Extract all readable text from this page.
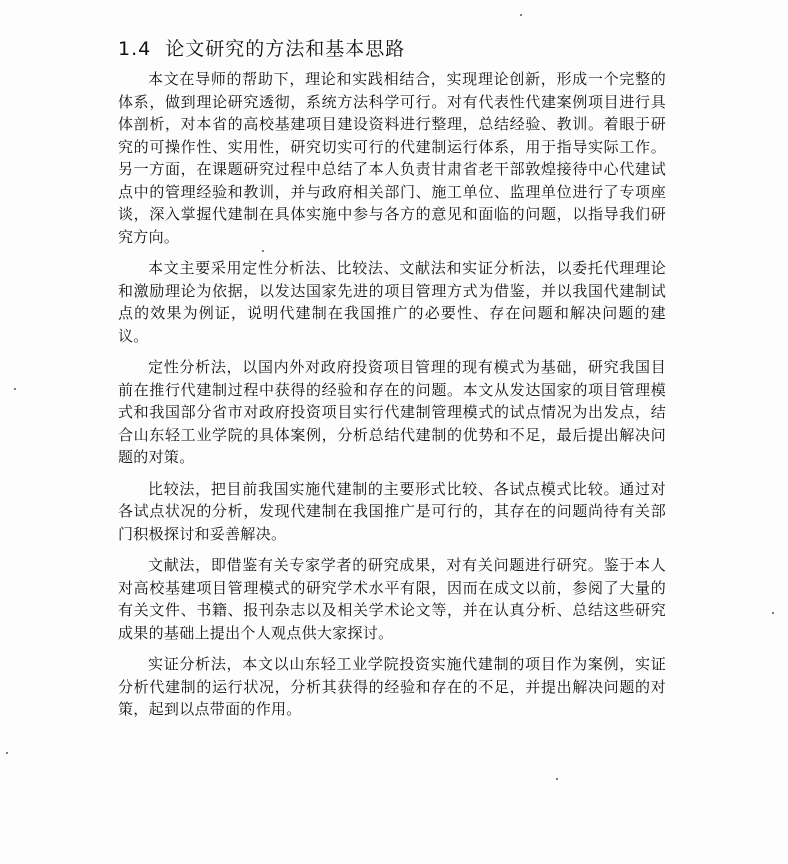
1.4 论文研究的方法和基本思路

本文在导师的帮助下，理论和实践相结合，实现理论创新，形成一个完整的体系，做到理论研究透彻，系统方法科学可行。对有代表性代建案例项目进行具体剖析，对本省的高校基建项目建设资料进行整理，总结经验、教训。着眼于研究的可操作性、实用性，研究切实可行的代建制运行体系，用于指导实际工作。另一方面，在课题研究过程中总结了本人负责甘肃省老干部敦煌接待中心代建试点中的管理经验和教训，并与政府相关部门、施工单位、监理单位进行了专项座谈，深入掌握代建制在具体实施中参与各方的意见和面临的问题，以指导我们研究方向。

本文主要采用定性分析法、比较法、文献法和实证分析法，以委托代理理论和激励理论为依据，以发达国家先进的项目管理方式为借鉴，并以我国代建制试点的效果为例证，说明代建制在我国推广的必要性、存在问题和解决问题的建议。

定性分析法，以国内外对政府投资项目管理的现有模式为基础，研究我国目前在推行代建制过程中获得的经验和存在的问题。本文从发达国家的项目管理模式和我国部分省市对政府投资项目实行代建制管理模式的试点情况为出发点，结合山东轻工业学院的具体案例，分析总结代建制的优势和不足，最后提出解决问题的对策。

比较法，把目前我国实施代建制的主要形式比较、各试点模式比较。通过对各试点状况的分析，发现代建制在我国推广是可行的，其存在的问题尚待有关部门积极探讨和妥善解决。

文献法，即借鉴有关专家学者的研究成果，对有关问题进行研究。鉴于本人对高校基建项目管理模式的研究学术水平有限，因而在成文以前，参阅了大量的有关文件、书籍、报刊杂志以及相关学术论文等，并在认真分析、总结这些研究成果的基础上提出个人观点供大家探讨。

实证分析法，本文以山东轻工业学院投资实施代建制的项目作为案例，实证分析代建制的运行状况，分析其获得的经验和存在的不足，并提出解决问题的对策，起到以点带面的作用。
